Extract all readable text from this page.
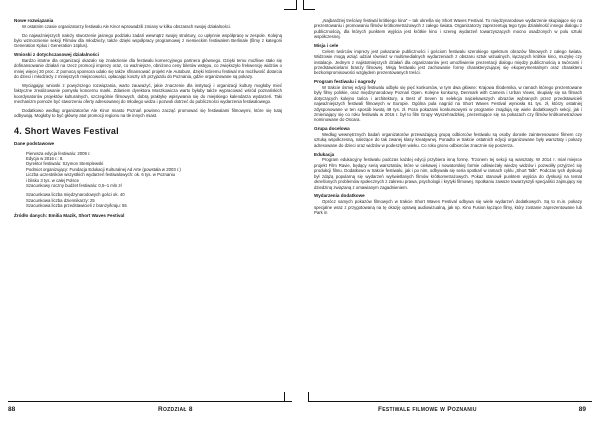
Nowe rozwiązania

W ostatnim czasie organizatorzy festiwalu Ale Kino! wprowadzili zmiany w kilku obszarach swojej działalności.

Do najważniejszych należy stworzenie jasnego podziału zadań wewnątrz swojej struktury, co upłynnie współpracę w zespole. Kolejną było wzmocnienie sekcji Filmów dla młodzieży, także dzięki współpracy programowej z niemieckim festiwalem Berlinale (filmy z kategorii Generation Kplus i Generation 14plus).

Wnioski z dotychczasowej działalności

Bardzo istotne dla organizacji okazało się znalezienie dla festiwalu komercyjnego partnera głównego. Dzięki temu możliwe stało się dofinansowanie działań na rzecz promocji imprezy oraz, co ważniejsze, obniżono ceny biletów wstępu, co zwiększyło frekwencję widzów o mniej więcej 20 proc. Z pomocą sponsora udało się także sfinansować projekt Ale Autobus!, dzięki któremu festiwal ma możliwość dotarcia do dzieci i młodzieży z mniejszych miejscowości, opłacając koszty ich przyjazdu do Poznania, gdzie organizowane są pokazy.

Wyciągając wnioski z powyższego rozwiązania, warto zauważyć, jakie znaczenie dla instytucji i organizacji kultury mogłoby mieć faktyczne zrealizowanie pomysłu koncernu marki. Zdaniem dyrektora Moszkowicza warto byłoby także wypracować wśród poznańskich koordynatorów projektów kulturalnych, szczególnie filmowych, dobrą praktykę wpisywania się do miejskiego kalendarza wydarzeń. Taki mechanizm pomoże być stworzeniu oferty adresowanej do młodego widza i pozwoli dotrzeć do publiczności wydarzenia festiwalowego.

Dodatkowo według organizatorów Ale Kino! miasto Poznań powinno zacząć promować się festiwalami filmowymi, które się tutaj odbywają. Mogłoby to być główny atut promocji regionu na tle innych miast.

4. Short Waves Festival

Dane podstawowe

Pierwsza edycja festiwalu: 2009 r.
Edycja w 2016 r.: 8.
Dyrektor festiwalu: Szymon Stemplewski
Podmiot organizujący: Fundacja Edukacji Kulturalnej Ad Arte (powstała w 2003 r.)
Liczba uczestników wszystkich wydarzeń festiwalowych: ok. 6 tys. w Poznaniu
i blisko 3 tys. w całej Polsce
Szacunkowy roczny budżet festiwalu: 0,5–1 mln zł
Szacunkowa liczba międzynarodowych gości ok. 40
Szacunkowa liczba dziennikarzy: 25
Szacunkowa liczba przedstawicieli z branży/kraju: 55

Źródło danych: Emilia Mazik, Short Waves Festival

„Najbardziej treściwy festiwal krótkiego kina” – tak określa się Short Waves Festival. To międzynarodowe wydarzenie skupiające się na prezentowaniu i promowaniu filmów krótkometrażowych z całego świata. Organizatorzy zaprezentują tego typu działalność innego dialogu z publicznością, dla których punktem wyjścia jest krótkie kino i szereg wydarzeń towarzyszących mocno osadzonych w polu sztuki współczesnej.

Misja i cele

Celem twórców imprezy jest pokazanie publiczności i gościom festiwalu szerokiego spektrum obrazów filmowych z całego świata. Widzowie mogą wziąć udział również w multimedialnych wydarzeniach z obszaru sztuk wizualnych, łączących krótkie kino, muzykę czy instalacje. Jednym z najistotniejszych działań dla organizatorów jest umożliwienie prezentacji dialogu między publicznością a twórcami i przedstawicielami branży filmowej. Misją festiwalu jest zachowanie formy charakteryzującej się ekoperymentalnym oraz charakteru bezkompromisowości względem prezentowanych treści.

Program festiwalu i nagrody

W trakcie ósmej edycji festiwalu odbyło się pięć konkursów, w tym dwa główne: Krajowa Ślodemika, w ramach którego prezentowane były filmy polskie, oraz międzynarodowy Poznań Open. Kolejne konkursy, Denmark with Camera i Urban Views, skupiały się na filmach dotyczących kolejno tańca i architektury, a Best of Seven to selekcja najciekawszych obrazów wybranych przez przedstawicieli najważniejszych festiwali filmowych w Europie. Ogólna pula nagród na Short Waves Festival wyniosła 61 tys. zł, którzy ostatniej zdysponowane w ten sposób kwotą 49 tys. zł. Poza pokazami konkursowymi w programie znajdują się wiele dodatkowych sekcji, jak i zmieniający się co roku festiwalu w 2016 r. był to film Grupy Wyszehradzkiej, prezentujące się na pokazach czy filmów krótkometrażowe nominowane do Oscara.

Grupa docelowa

Według wewnętrznych badań organizatorów przeważającą grupą odbiorców festiwalu są osoby dorosłe zainteresowane filmem czy sztuką współczesną, należące do tak zwanej klasy kreatywnej. Ponadto w trakcie ostatnich edycji organizowane były warsztaty i pokazy adresowane do dzieci oraz widzów w podeszłym wieku. Co roku grono odbiorców znacznie się poszerza.

Edukacja

Program edukacyjny festiwalu podczas każdej edycji przybiera inną formę. Trzonem tej sekcji są warsztaty. W 2014 r. miał miejsce projekt Film Ravie, będący serią warsztatów, które w ciekawej i nowatorskiej formie odświeżały wiedzę widzów i pozwoliły przyjrzeć się produkcji filmu. Dodatkowo w trakcie festiwalu, jak i po nim, odbywała się seria spotkań w ramach cyklu „Short Talk”. Podczas tych dyskusji był zdążą popularną się wydarzeń wyświetlanych filmów krótkometrażowych. Pokaz stanowił punktem wyjścia do dyskusji na temat określonych problemów społecznych z zakresu prawa, psychologii i krytyki filmowej. Spotkaniu zawsze towarzyszyli specjaliści zajmujący się dziedziną związaną z omawianym zagadnieniem.

Wydarzenia dodatkowe

Oprócz samych pokazów filmowych w trakcie Short Waves Festival odbywa się wiele wydarzeń dodatkowych. Są to m.in. pokazy specjalne wraz z przygotowaną na tę okazję oprawą audiowizualną, jak np. Kino Fusion łączące filmy, który zostanie zaprezentowane lub Park in

88	Rozdział 8	Festiwale filmowe w Poznaniu	89
